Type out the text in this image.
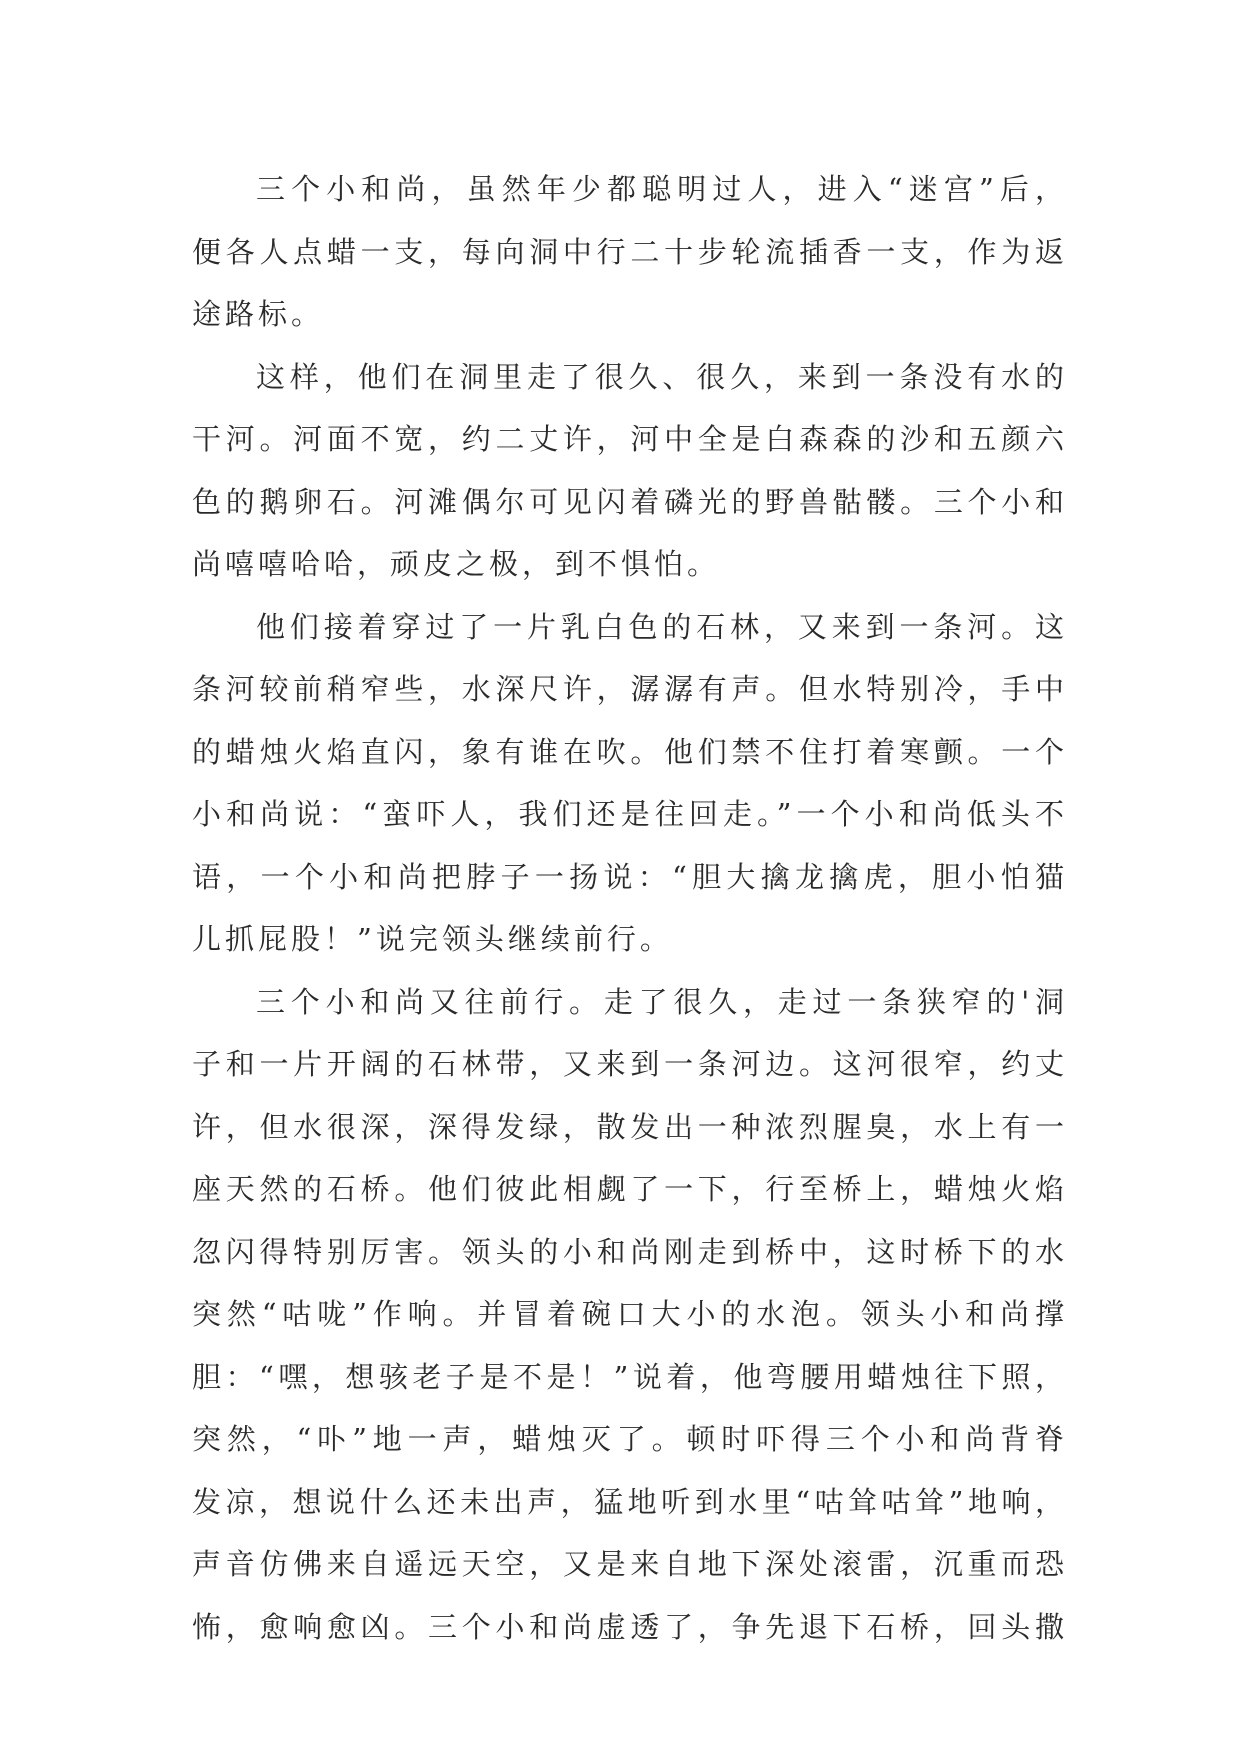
三个小和尚，虽然年少都聪明过人，进入“迷宫”后，
便各人点蜡一支，每向洞中行二十步轮流插香一支，作为返
途路标。
这样，他们在洞里走了很久、很久，来到一条没有水的
干河。河面不宽，约二丈许，河中全是白森森的沙和五颜六
色的鹅卵石。河滩偶尔可见闪着磷光的野兽骷髅。三个小和
尚嘻嘻哈哈，顽皮之极，到不惧怕。
他们接着穿过了一片乳白色的石林，又来到一条河。这
条河较前稍窄些，水深尺许，潺潺有声。但水特别冷，手中
的蜡烛火焰直闪，象有谁在吹。他们禁不住打着寒颤。一个
小和尚说：“蛮吓人，我们还是往回走。”一个小和尚低头不
语，一个小和尚把脖子一扬说：“胆大擒龙擒虎，胆小怕猫
儿抓屁股！”说完领头继续前行。
三个小和尚又往前行。走了很久，走过一条狭窄的'洞
子和一片开阔的石林带，又来到一条河边。这河很窄，约丈
许，但水很深，深得发绿，散发出一种浓烈腥臭，水上有一
座天然的石桥。他们彼此相觑了一下，行至桥上，蜡烛火焰
忽闪得特别厉害。领头的小和尚刚走到桥中，这时桥下的水
突然“咕咙”作响。并冒着碗口大小的水泡。领头小和尚撑
胆：“嘿，想骇老子是不是！”说着，他弯腰用蜡烛往下照，
突然，“卟”地一声，蜡烛灭了。顿时吓得三个小和尚背脊
发凉，想说什么还未出声，猛地听到水里“咕耸咕耸”地响，
声音仿佛来自遥远天空，又是来自地下深处滚雷，沉重而恐
怖，愈响愈凶。三个小和尚虚透了，争先退下石桥，回头撒
